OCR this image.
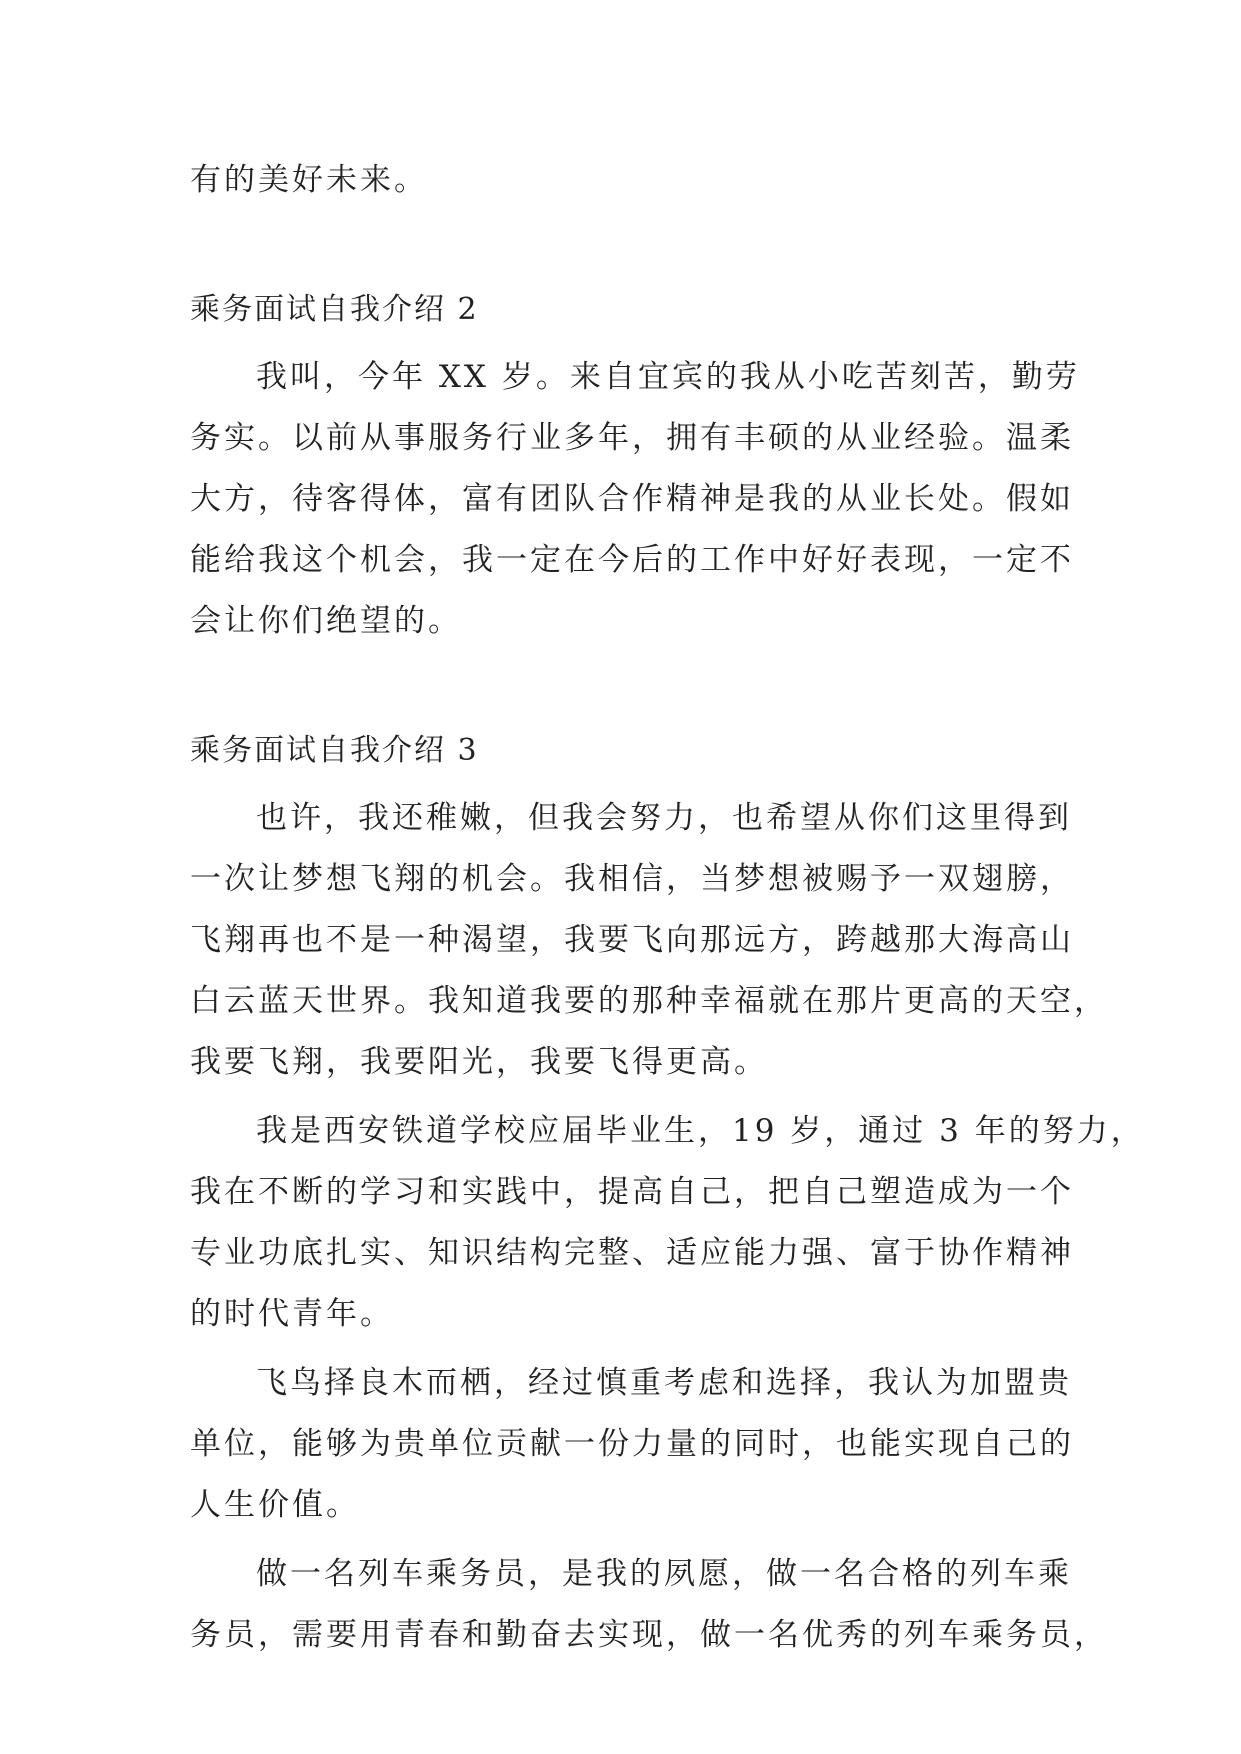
有的美好未来。
乘务面试自我介绍 2
我叫，今年 XX 岁。来自宜宾的我从小吃苦刻苦，勤劳
务实。以前从事服务行业多年，拥有丰硕的从业经验。温柔
大方，待客得体，富有团队合作精神是我的从业长处。假如
能给我这个机会，我一定在今后的工作中好好表现，一定不
会让你们绝望的。
乘务面试自我介绍 3
也许，我还稚嫩，但我会努力，也希望从你们这里得到
一次让梦想飞翔的机会。我相信，当梦想被赐予一双翅膀，
飞翔再也不是一种渴望，我要飞向那远方，跨越那大海高山
白云蓝天世界。我知道我要的那种幸福就在那片更高的天空，
我要飞翔，我要阳光，我要飞得更高。
我是西安铁道学校应届毕业生，19 岁，通过 3 年的努力，
我在不断的学习和实践中，提高自己，把自己塑造成为一个
专业功底扎实、知识结构完整、适应能力强、富于协作精神
的时代青年。
飞鸟择良木而栖，经过慎重考虑和选择，我认为加盟贵
单位，能够为贵单位贡献一份力量的同时，也能实现自己的
人生价值。
做一名列车乘务员，是我的夙愿，做一名合格的列车乘
务员，需要用青春和勤奋去实现，做一名优秀的列车乘务员，
